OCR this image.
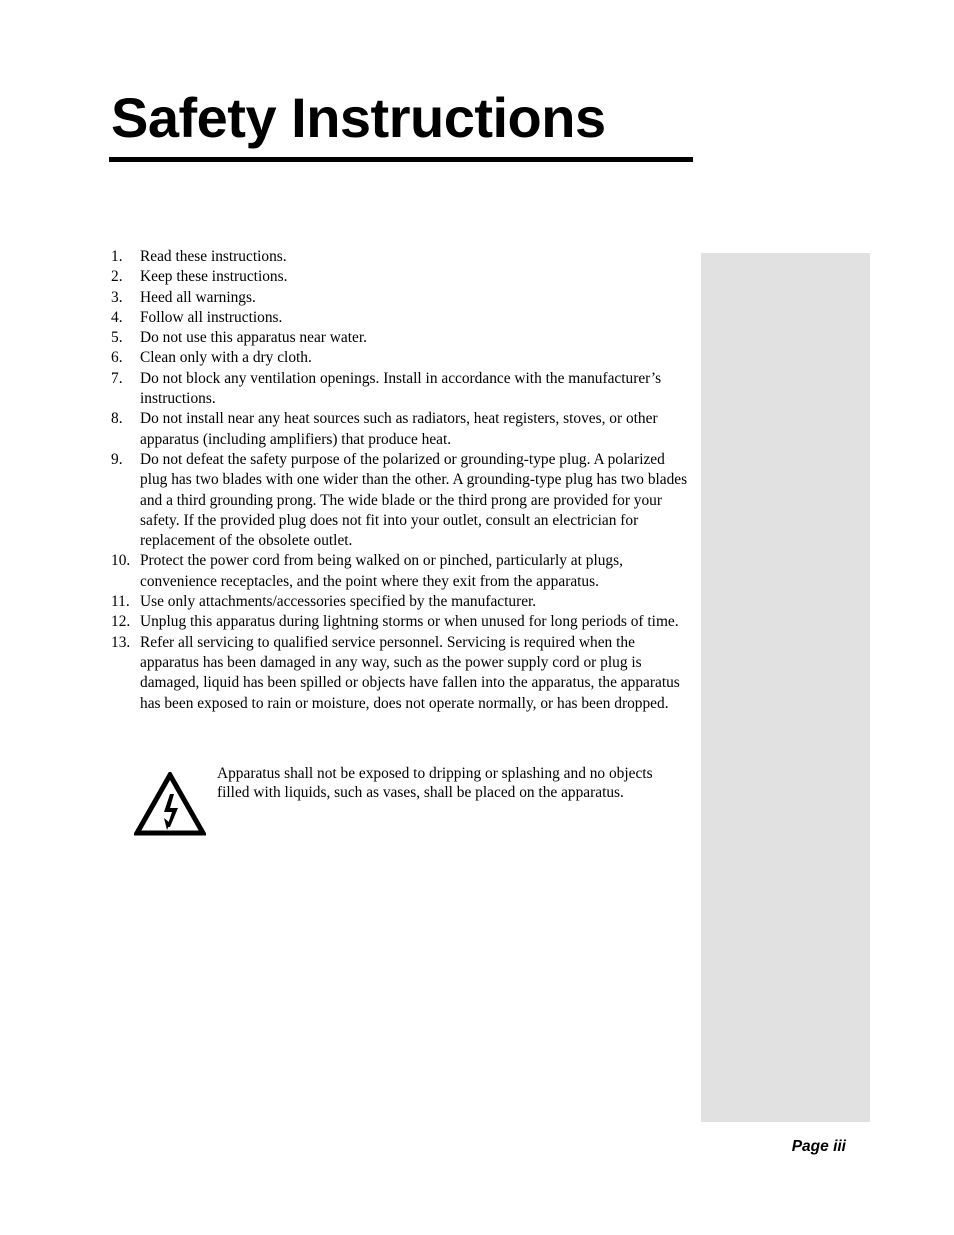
Safety Instructions
1. Read these instructions.
2. Keep these instructions.
3. Heed all warnings.
4. Follow all instructions.
5. Do not use this apparatus near water.
6. Clean only with a dry cloth.
7. Do not block any ventilation openings. Install in accordance with the manufacturer’s instructions.
8. Do not install near any heat sources such as radiators, heat registers, stoves, or other apparatus (including amplifiers) that produce heat.
9. Do not defeat the safety purpose of the polarized or grounding-type plug. A polarized plug has two blades with one wider than the other. A grounding-type plug has two blades and a third grounding prong. The wide blade or the third prong are provided for your safety. If the provided plug does not fit into your outlet, consult an electrician for replacement of the obsolete outlet.
10. Protect the power cord from being walked on or pinched, particularly at plugs, convenience receptacles, and the point where they exit from the apparatus.
11. Use only attachments/accessories specified by the manufacturer.
12. Unplug this apparatus during lightning storms or when unused for long periods of time.
13. Refer all servicing to qualified service personnel. Servicing is required when the apparatus has been damaged in any way, such as the power supply cord or plug is damaged, liquid has been spilled or objects have fallen into the apparatus, the apparatus has been exposed to rain or moisture, does not operate normally, or has been dropped.
Apparatus shall not be exposed to dripping or splashing and no objects filled with liquids, such as vases, shall be placed on the apparatus.
Page iii
